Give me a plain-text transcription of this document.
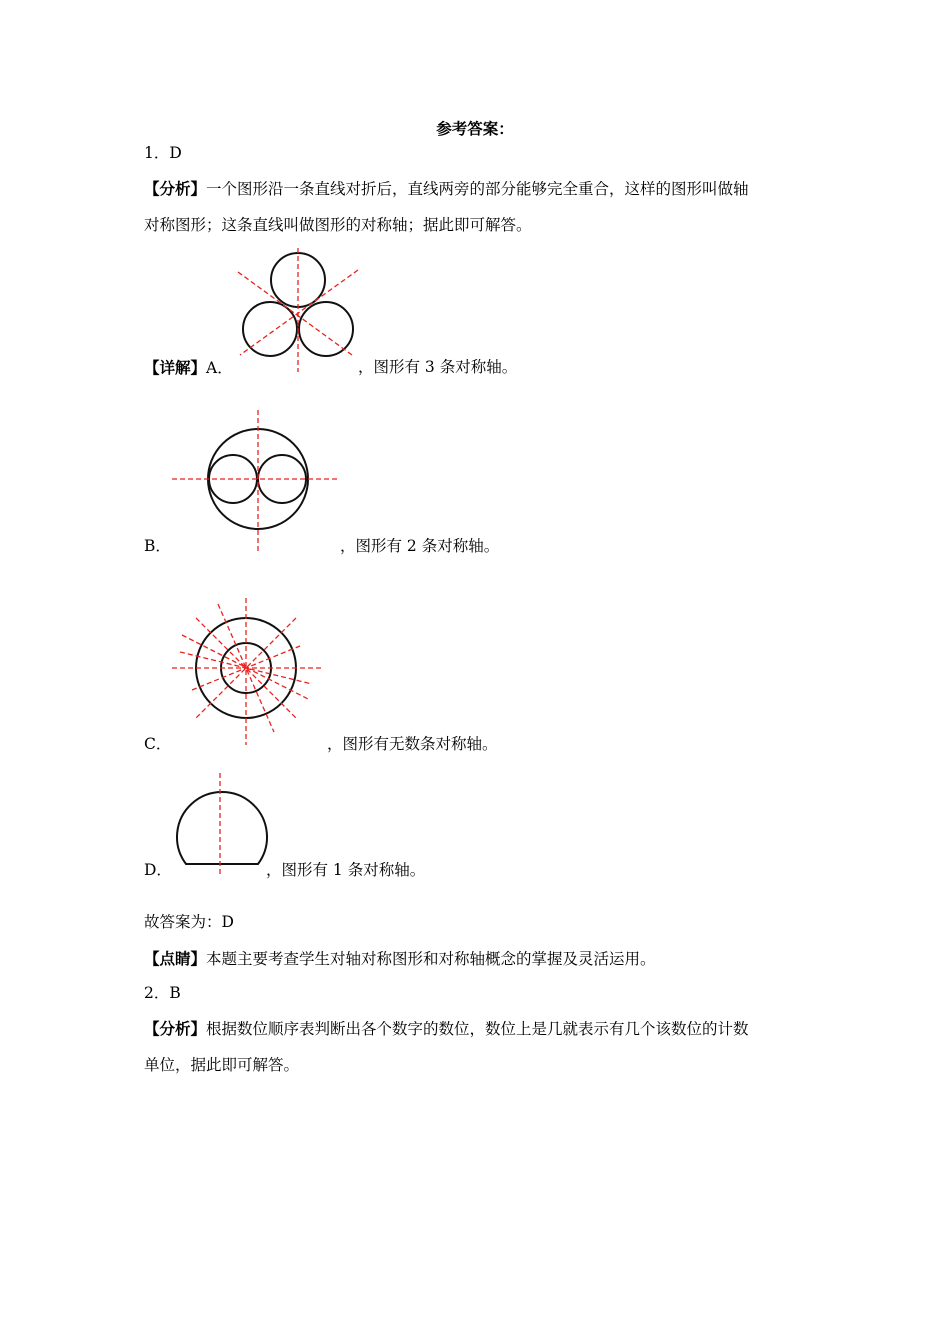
参考答案：
1．D
【分析】一个图形沿一条直线对折后，直线两旁的部分能够完全重合，这样的图形叫做轴
对称图形；这条直线叫做图形的对称轴；据此即可解答。
【详解】A．	，图形有 3 条对称轴。
B．	，图形有 2 条对称轴。
C．	，图形有无数条对称轴。
D．	，图形有 1 条对称轴。
故答案为：D
【点睛】本题主要考查学生对轴对称图形和对称轴概念的掌握及灵活运用。
2．B
【分析】根据数位顺序表判断出各个数字的数位，数位上是几就表示有几个该数位的计数
单位，据此即可解答。
